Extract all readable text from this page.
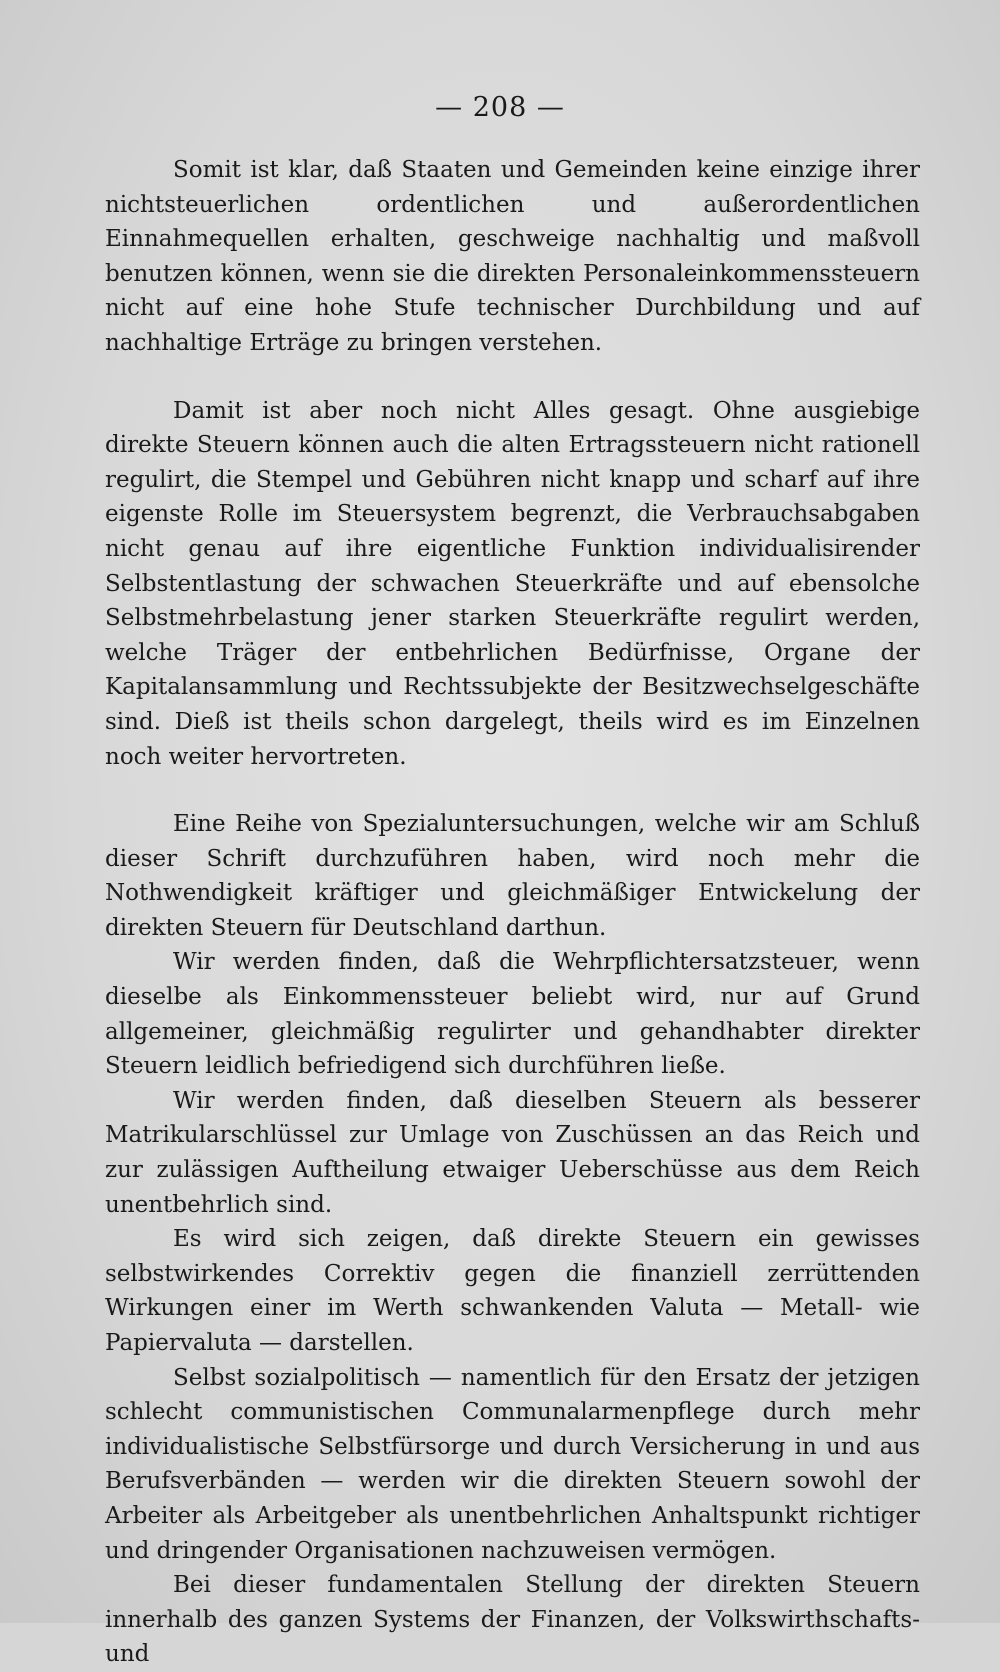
— 208 —

Somit ist klar, daß Staaten und Gemeinden keine einzige ihrer nichtsteuerlichen ordentlichen und außerordentlichen Einnahmequellen erhalten, geschweige nachhaltig und maßvoll benutzen können, wenn sie die direkten Personaleinkommenssteuern nicht auf eine hohe Stufe technischer Durchbildung und auf nachhaltige Erträge zu bringen verstehen.

Damit ist aber noch nicht Alles gesagt. Ohne ausgiebige direkte Steuern können auch die alten Ertragssteuern nicht rationell regulirt, die Stempel und Gebühren nicht knapp und scharf auf ihre eigenste Rolle im Steuersystem begrenzt, die Verbrauchsabgaben nicht genau auf ihre eigentliche Funktion individualisirender Selbstentlastung der schwachen Steuerkräfte und auf ebensolche Selbstmehrbelastung jener starken Steuerkräfte regulirt werden, welche Träger der entbehrlichen Bedürfnisse, Organe der Kapitalansammlung und Rechtssubjekte der Besitzwechselgeschäfte sind. Dieß ist theils schon dargelegt, theils wird es im Einzelnen noch weiter hervortreten.

Eine Reihe von Spezialuntersuchungen, welche wir am Schluß dieser Schrift durchzuführen haben, wird noch mehr die Nothwendigkeit kräftiger und gleichmäßiger Entwickelung der direkten Steuern für Deutschland darthun.

Wir werden finden, daß die Wehrpflichtersatzsteuer, wenn dieselbe als Einkommenssteuer beliebt wird, nur auf Grund allgemeiner, gleichmäßig regulirter und gehandhabter direkter Steuern leidlich befriedigend sich durchführen ließe.

Wir werden finden, daß dieselben Steuern als besserer Matrikularschlüssel zur Umlage von Zuschüssen an das Reich und zur zulässigen Auftheilung etwaiger Ueberschüsse aus dem Reich unentbehrlich sind.

Es wird sich zeigen, daß direkte Steuern ein gewisses selbstwirkendes Correktiv gegen die finanziell zerrüttenden Wirkungen einer im Werth schwankenden Valuta — Metall- wie Papiervaluta — darstellen.

Selbst sozialpolitisch — namentlich für den Ersatz der jetzigen schlecht communistischen Communalarmenpflege durch mehr individualistische Selbstfürsorge und durch Versicherung in und aus Berufsverbänden — werden wir die direkten Steuern sowohl der Arbeiter als Arbeitgeber als unentbehrlichen Anhaltspunkt richtiger und dringender Organisationen nachzuweisen vermögen.

Bei dieser fundamentalen Stellung der direkten Steuern innerhalb des ganzen Systems der Finanzen, der Volkswirthschafts- und
